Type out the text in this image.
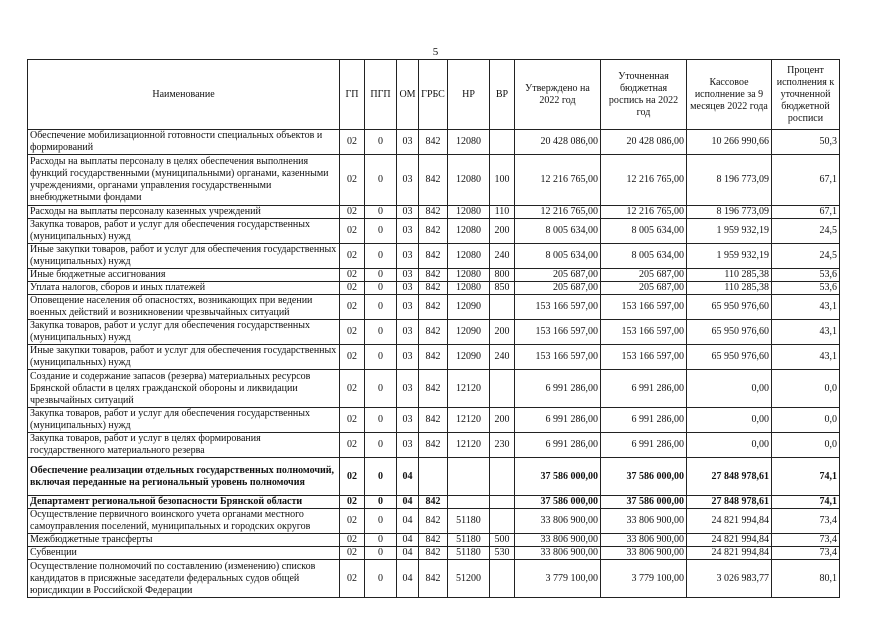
5
Наименование	ГП	ПГП	ОМ	ГРБС	НР	ВР	Утверждено на 2022 год	Уточненная бюджетная роспись на 2022 год	Кассовое исполнение за 9 месяцев 2022 года	Процент исполнения к уточненной бюджетной росписи
Обеспечение мобилизационной готовности специальных объектов и формирований	02	0	03	842	12080		20 428 086,00	20 428 086,00	10 266 990,66	50,3
Расходы на выплаты персоналу в целях обеспечения выполнения функций государственными (муниципальными) органами, казенными учреждениями, органами управления государственными внебюджетными фондами	02	0	03	842	12080	100	12 216 765,00	12 216 765,00	8 196 773,09	67,1
Расходы на выплаты персоналу казенных учреждений	02	0	03	842	12080	110	12 216 765,00	12 216 765,00	8 196 773,09	67,1
Закупка товаров, работ и услуг для обеспечения государственных (муниципальных) нужд	02	0	03	842	12080	200	8 005 634,00	8 005 634,00	1 959 932,19	24,5
Иные закупки товаров, работ и услуг для обеспечения государственных (муниципальных) нужд	02	0	03	842	12080	240	8 005 634,00	8 005 634,00	1 959 932,19	24,5
Иные бюджетные ассигнования	02	0	03	842	12080	800	205 687,00	205 687,00	110 285,38	53,6
Уплата налогов, сборов и иных платежей	02	0	03	842	12080	850	205 687,00	205 687,00	110 285,38	53,6
Оповещение населения об опасностях, возникающих при ведении военных действий и возникновении чрезвычайных ситуаций	02	0	03	842	12090		153 166 597,00	153 166 597,00	65 950 976,60	43,1
Закупка товаров, работ и услуг для обеспечения государственных (муниципальных) нужд	02	0	03	842	12090	200	153 166 597,00	153 166 597,00	65 950 976,60	43,1
Иные закупки товаров, работ и услуг для обеспечения государственных (муниципальных) нужд	02	0	03	842	12090	240	153 166 597,00	153 166 597,00	65 950 976,60	43,1
Создание и содержание запасов (резерва) материальных ресурсов Брянской области в целях гражданской обороны и ликвидации чрезвычайных ситуаций	02	0	03	842	12120		6 991 286,00	6 991 286,00	0,00	0,0
Закупка товаров, работ и услуг для обеспечения государственных (муниципальных) нужд	02	0	03	842	12120	200	6 991 286,00	6 991 286,00	0,00	0,0
Закупка товаров, работ и услуг в целях формирования государственного материального резерва	02	0	03	842	12120	230	6 991 286,00	6 991 286,00	0,00	0,0
Обеспечение реализации отдельных государственных полномочий, включая переданные на региональный уровень полномочия	02	0	04				37 586 000,00	37 586 000,00	27 848 978,61	74,1
Департамент региональной безопасности Брянской области	02	0	04	842			37 586 000,00	37 586 000,00	27 848 978,61	74,1
Осуществление первичного воинского учета органами местного самоуправления поселений, муниципальных и городских округов	02	0	04	842	51180		33 806 900,00	33 806 900,00	24 821 994,84	73,4
Межбюджетные трансферты	02	0	04	842	51180	500	33 806 900,00	33 806 900,00	24 821 994,84	73,4
Субвенции	02	0	04	842	51180	530	33 806 900,00	33 806 900,00	24 821 994,84	73,4
Осуществление полномочий по составлению (изменению) списков кандидатов в присяжные заседатели федеральных судов общей юрисдикции в Российской Федерации	02	0	04	842	51200		3 779 100,00	3 779 100,00	3 026 983,77	80,1
